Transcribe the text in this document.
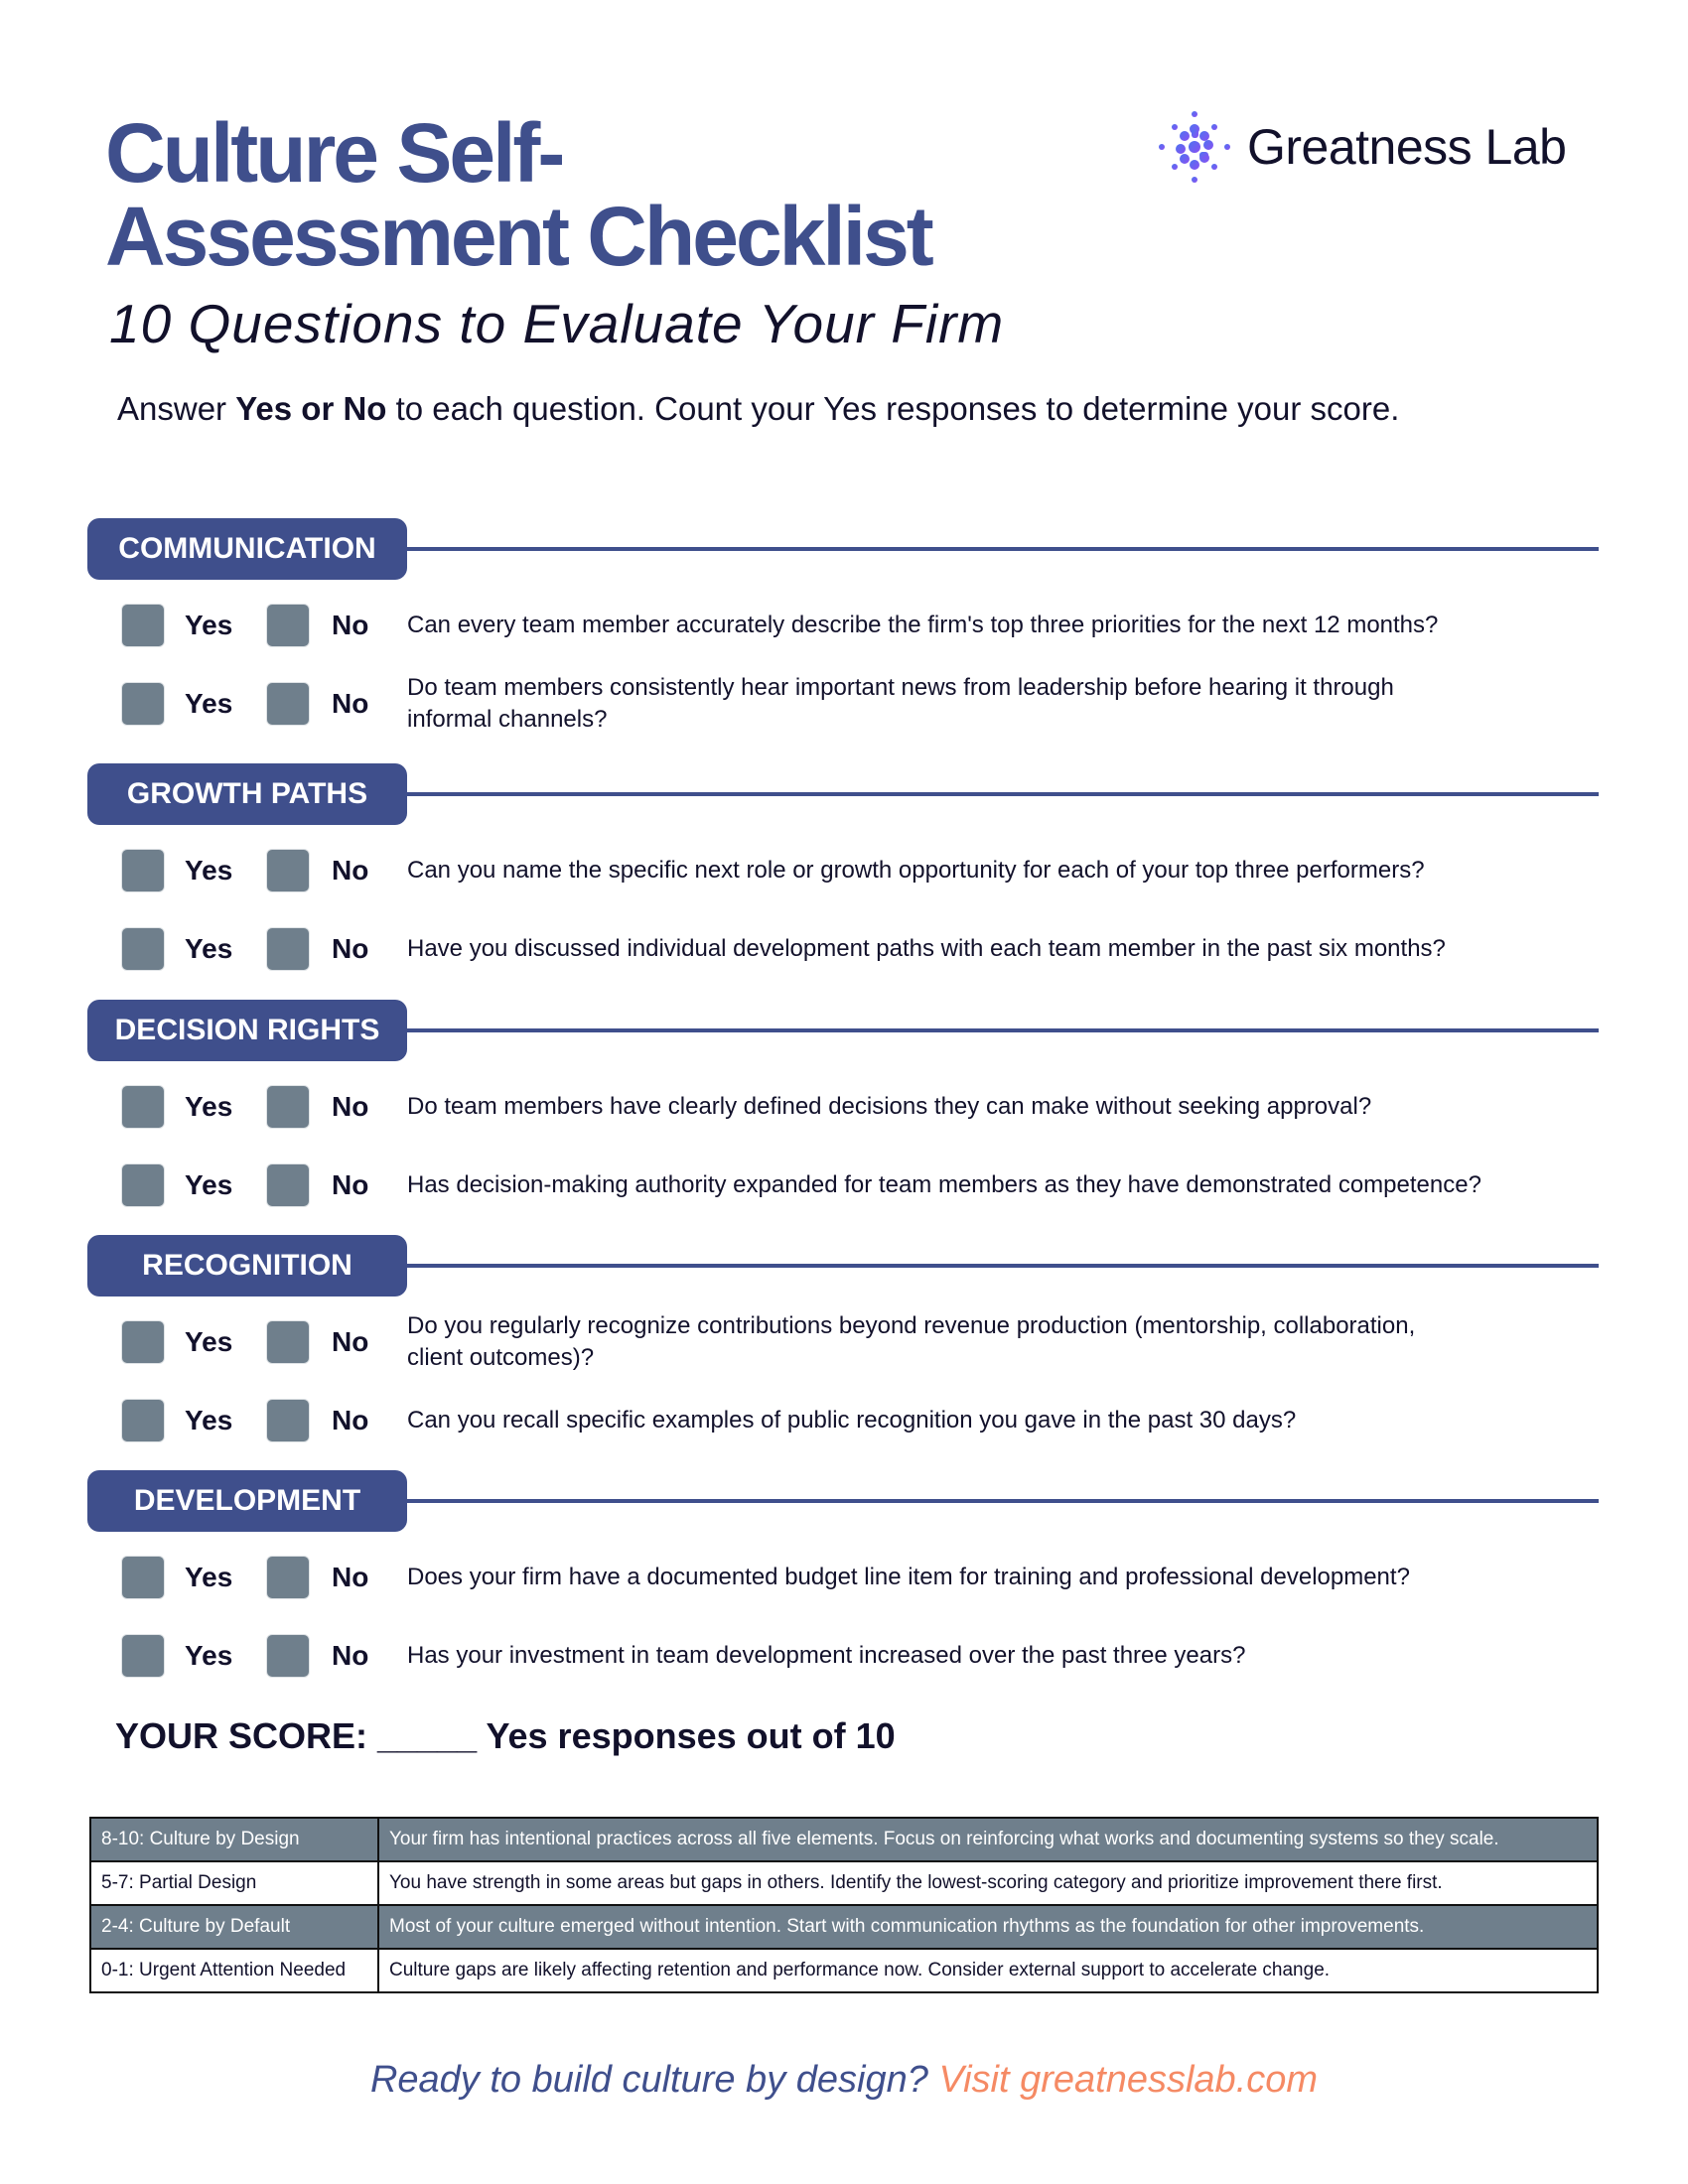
Culture Self-
Assessment Checklist
10 Questions to Evaluate Your Firm
Answer Yes or No to each question. Count your Yes responses to determine your score.
Greatness Lab
COMMUNICATION
Yes	No Can every team member accurately describe the firm's top three priorities for the next 12 months?
Yes	No
Do team members consistently hear important news from leadership before hearing it through informal channels?
GROWTH PATHS
Yes	No Can you name the specific next role or growth opportunity for each of your top three performers?
Yes	No Have you discussed individual development paths with each team member in the past six months?
DECISION RIGHTS
Yes	No Do team members have clearly defined decisions they can make without seeking approval?
Yes	No Has decision-making authority expanded for team members as they have demonstrated competence?
RECOGNITION
Yes	No
Do you regularly recognize contributions beyond revenue production (mentorship, collaboration, client outcomes)?
Yes	No Can you recall specific examples of public recognition you gave in the past 30 days?
DEVELOPMENT
Yes	No Does your firm have a documented budget line item for training and professional development?
Yes	No Has your investment in team development increased over the past three years?
YOUR SCORE: _____ Yes responses out of 10
8-10: Culture by Design	Your firm has intentional practices across all five elements. Focus on reinforcing what works and documenting systems so they scale.
5-7: Partial Design	You have strength in some areas but gaps in others. Identify the lowest-scoring category and prioritize improvement there first.
2-4: Culture by Default	Most of your culture emerged without intention. Start with communication rhythms as the foundation for other improvements.
0-1: Urgent Attention Needed	Culture gaps are likely affecting retention and performance now. Consider external support to accelerate change.
Ready to build culture by design? Visit greatnesslab.com
